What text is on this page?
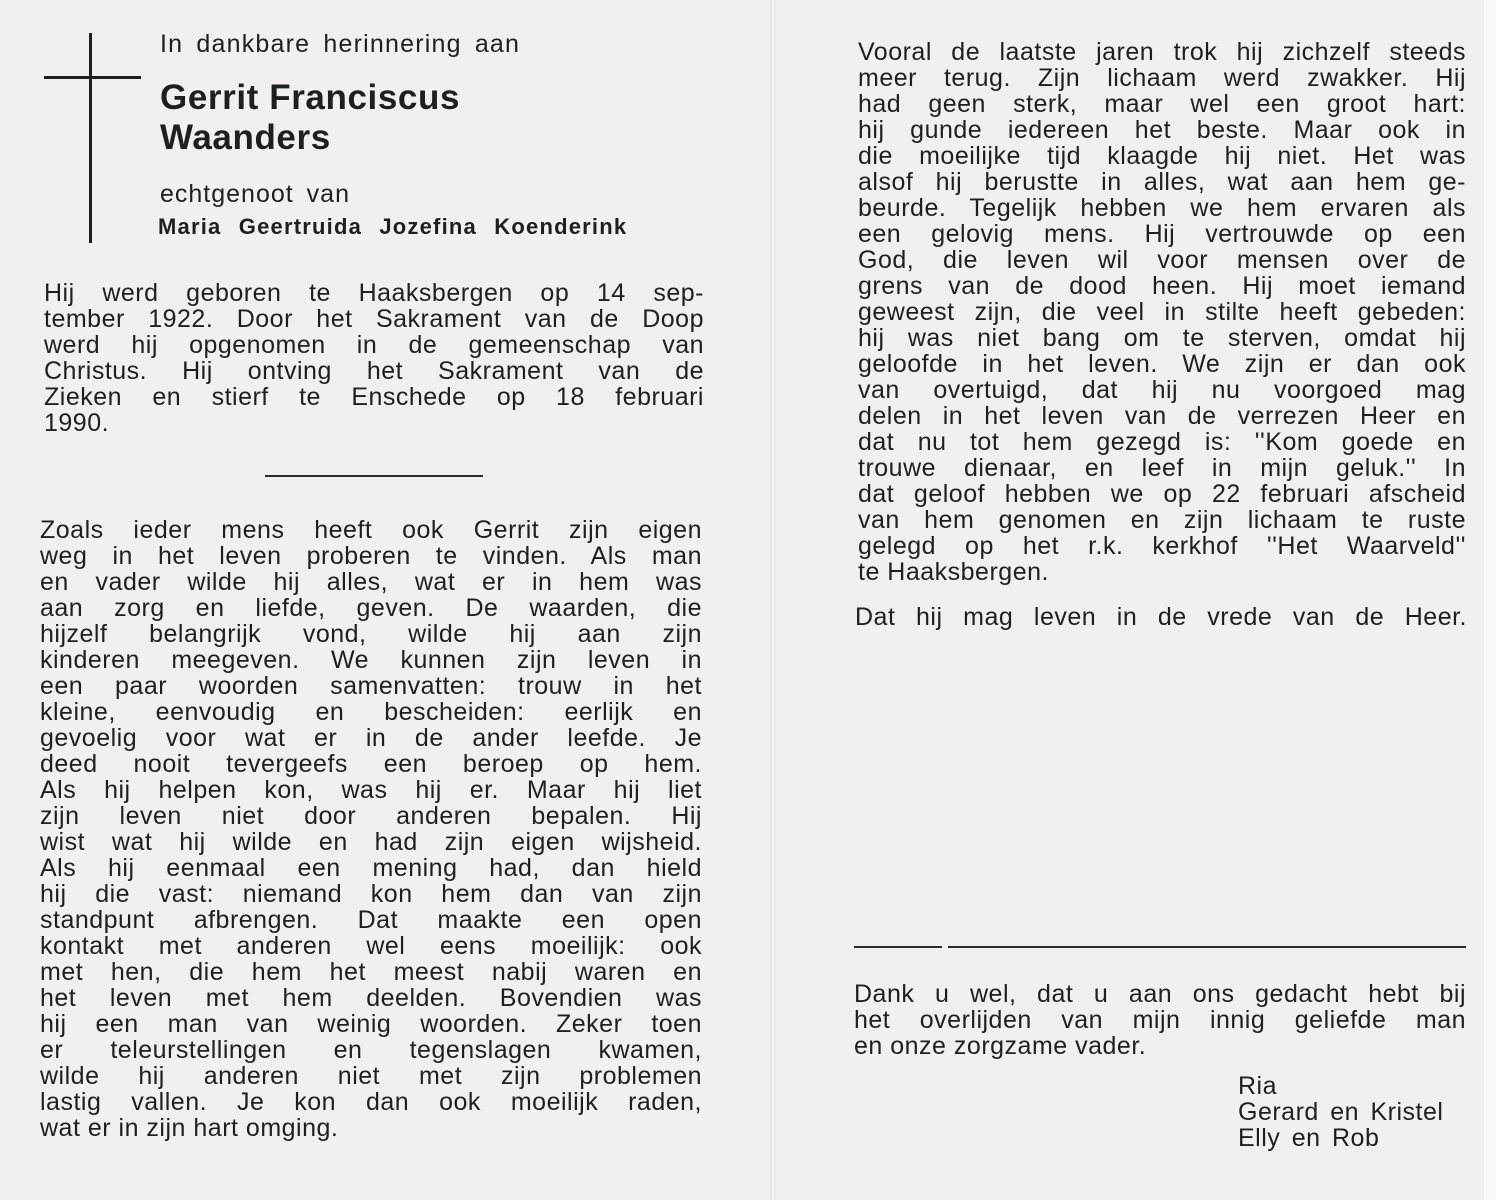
In dankbare herinnering aan
Gerrit Franciscus
Waanders
echtgenoot van
Maria Geertruida Jozefina Koenderink
Hij werd geboren te Haaksbergen op 14 sep-
tember 1922. Door het Sakrament van de Doop
werd hij opgenomen in de gemeenschap van
Christus. Hij ontving het Sakrament van de
Zieken en stierf te Enschede op 18 februari
1990.
Zoals ieder mens heeft ook Gerrit zijn eigen
weg in het leven proberen te vinden. Als man
en vader wilde hij alles, wat er in hem was
aan zorg en liefde, geven. De waarden, die
hijzelf belangrijk vond, wilde hij aan zijn
kinderen meegeven. We kunnen zijn leven in
een paar woorden samenvatten: trouw in het
kleine, eenvoudig en bescheiden: eerlijk en
gevoelig voor wat er in de ander leefde. Je
deed nooit tevergeefs een beroep op hem.
Als hij helpen kon, was hij er. Maar hij liet
zijn leven niet door anderen bepalen. Hij
wist wat hij wilde en had zijn eigen wijsheid.
Als hij eenmaal een mening had, dan hield
hij die vast: niemand kon hem dan van zijn
standpunt afbrengen. Dat maakte een open
kontakt met anderen wel eens moeilijk: ook
met hen, die hem het meest nabij waren en
het leven met hem deelden. Bovendien was
hij een man van weinig woorden. Zeker toen
er teleurstellingen en tegenslagen kwamen,
wilde hij anderen niet met zijn problemen
lastig vallen. Je kon dan ook moeilijk raden,
wat er in zijn hart omging.
Vooral de laatste jaren trok hij zichzelf steeds
meer terug. Zijn lichaam werd zwakker. Hij
had geen sterk, maar wel een groot hart:
hij gunde iedereen het beste. Maar ook in
die moeilijke tijd klaagde hij niet. Het was
alsof hij berustte in alles, wat aan hem ge-
beurde. Tegelijk hebben we hem ervaren als
een gelovig mens. Hij vertrouwde op een
God, die leven wil voor mensen over de
grens van de dood heen. Hij moet iemand
geweest zijn, die veel in stilte heeft gebeden:
hij was niet bang om te sterven, omdat hij
geloofde in het leven. We zijn er dan ook
van overtuigd, dat hij nu voorgoed mag
delen in het leven van de verrezen Heer en
dat nu tot hem gezegd is: ''Kom goede en
trouwe dienaar, en leef in mijn geluk.'' In
dat geloof hebben we op 22 februari afscheid
van hem genomen en zijn lichaam te ruste
gelegd op het r.k. kerkhof ''Het Waarveld''
te Haaksbergen.
Dat hij mag leven in de vrede van de Heer.
Dank u wel, dat u aan ons gedacht hebt bij
het overlijden van mijn innig geliefde man
en onze zorgzame vader.
Ria
Gerard en Kristel
Elly en Rob
